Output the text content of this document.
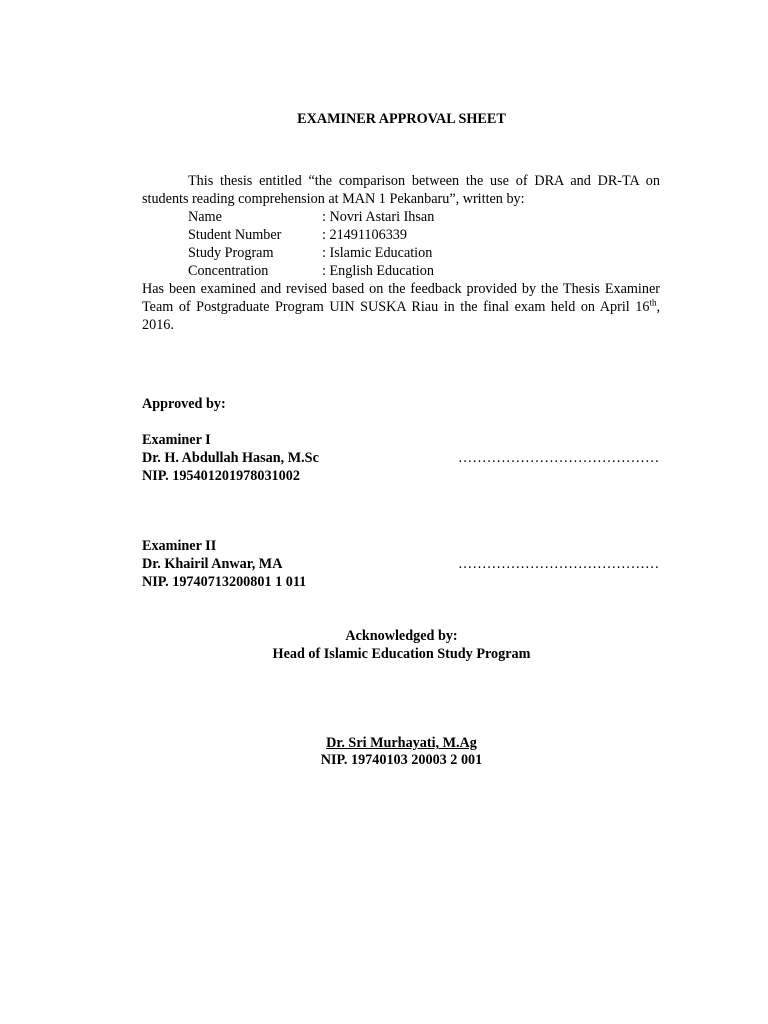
EXAMINER APPROVAL SHEET
This thesis entitled “the comparison between the use of DRA and DR-TA on students reading comprehension at MAN 1 Pekanbaru”, written by:
Name	: Novri Astari Ihsan
Student Number	: 21491106339
Study Program	: Islamic Education
Concentration	: English Education
Has been examined and revised based on the feedback provided by the Thesis Examiner Team of Postgraduate Program UIN SUSKA Riau in the final exam held on April 16th, 2016.
Approved by:
Examiner I
Dr. H. Abdullah Hasan, M.Sc	……………………………………
NIP. 195401201978031002
Examiner II
Dr. Khairil Anwar, MA	……………………………………
NIP. 19740713200801 1 011
Acknowledged by:
Head of Islamic Education Study Program
Dr. Sri Murhayati, M.Ag
NIP. 19740103 20003 2 001
